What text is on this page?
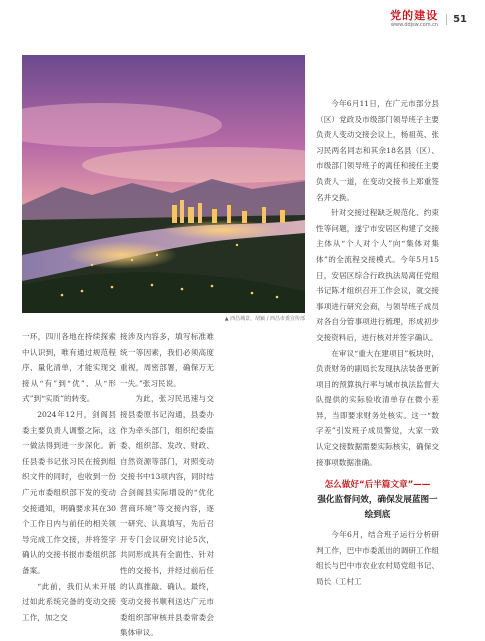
党的建设
www.ddjsw.com.cn
51
▲ 西昌城景，胡颖 / 西昌市委宣传部

一环，四川各地在持续探索中认识到，唯有通过规范程序、量化清单，才能实现交接从“有”到“优”、从“形式”到“实质”的转变。

2024年12月，剑阁县委主要负责人调整之际，这一做法得到进一步深化。新任县委书记张习民在接到组织文件的同时，也收到一份广元市委组织部下发的变动交接通知，明确要求其在30个工作日内与前任的相关领导完成工作交接，并将签字确认的交接书报市委组织部备案。

“此前，我们从未开展过如此系统完备的变动交接工作，加之交

接涉及内容多，填写标准难统一等因素，我们必须高度重视，周密部署，确保万无一失。”张习民说。

为此，张习民迅速与交接县委原书记沟通，县委办作为牵头部门，组织纪委监委、组织部、发改、财政、自然资源等部门，对照变动交接书中13项内容，同时结合剑阁县实际增设的“优化营商环境”等交接内容，逐一研究、认真填写，先后召开专门会议研究讨论5次，共同形成具有全面性、针对性的交接书，并经过前后任的认真推敲、确认。最终，变动交接书顺利送达广元市委组织部审核并县委常委会集体审议。

今年6月11日，在广元市部分县（区）党政及市级部门领导班子主要负责人变动交接会议上，杨祖英、张习民两名同志和其余18名县（区）、市级部门领导班子的离任和接任主要负责人一道，在变动交接书上郑重签名并交换。

针对交接过程缺乏规范化、约束性等问题，遂宁市安居区构建了交接主体从“个人对个人”向“集体对集体”的全流程交接模式。今年5月15日，安居区综合行政执法局离任党组书记陈才组织召开工作会议，就交接事项进行研究会商，与领导班子成员对各自分管事项进行梳理，形成初步交接资料后，进行核对并签字确认。

在审议“重大在建项目”板块时，负责财务的副局长发现执法装备更新项目的预算执行率与城市执法监督大队提供的实际验收清单存在微小差异，当即要求财务处核实。这一“数字差”引发班子成员警觉，大家一致认定交接数据需要实际核实，确保交接事项数据准确。

怎么做好“后半篇文章”——
强化监督问效，确保发展蓝图一绘到底

今年6月，结合班子运行分析研判工作，巴中市委派出的调研工作组组长与巴中市农业农村局党组书记、局长（工村工
